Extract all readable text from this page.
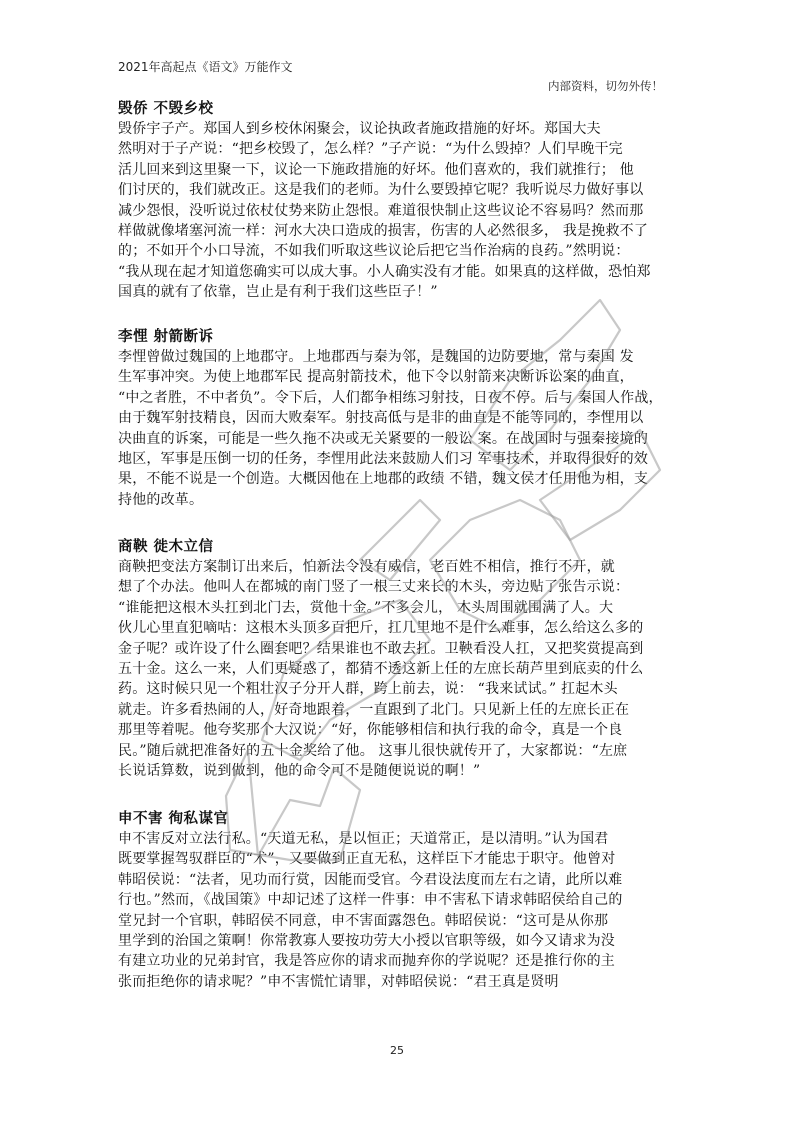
2021年高起点《语文》万能作文
内部资料，切勿外传！
毁侨 不毁乡校
毁侨宇子产。郑国人到乡校休闲聚会，议论执政者施政措施的好坏。郑国大夫
然明对于子产说：“把乡校毁了，怎么样？”子产说：“为什么毁掉？人们早晚干完
活儿回来到这里聚一下，议论一下施政措施的好坏。他们喜欢的，我们就推行； 他
们讨厌的，我们就改正。这是我们的老师。为什么要毁掉它呢？我听说尽力做好事以
减少怨恨，没听说过依杖仗势来防止怨恨。难道很快制止这些议论不容易吗？然而那
样做就像堵塞河流一样：河水大决口造成的损害，伤害的人必然很多， 我是挽救不了
的；不如开个小口导流，不如我们听取这些议论后把它当作治病的良药。”然明说：
“我从现在起才知道您确实可以成大事。小人确实没有才能。如果真的这样做，恐怕郑
国真的就有了依靠，岂止是有利于我们这些臣子！”
李悝 射箭断诉
李悝曾做过魏国的上地郡守。上地郡西与秦为邻，是魏国的边防要地，常与秦国 发
生军事冲突。为使上地郡军民 提高射箭技术，他下令以射箭来决断诉讼案的曲直，
“中之者胜，不中者负”。令下后，人们都争相练习射技，日夜不停。后与 秦国人作战，
由于魏军射技精良，因而大败秦军。射技高低与是非的曲直是不能等同的，李悝用以
决曲直的诉案，可能是一些久拖不决或无关紧要的一般讼 案。在战国时与强秦接境的
地区，军事是压倒一切的任务，李悝用此法来鼓励人们习 军事技术，并取得很好的效
果，不能不说是一个创造。大概因他在上地郡的政绩 不错，魏文侯才任用他为相，支
持他的改革。
商鞅 徙木立信
商鞅把变法方案制订出来后，怕新法令没有威信，老百姓不相信，推行不开，就
想了个办法。他叫人在都城的南门竖了一根三丈来长的木头，旁边贴了张告示说：
“谁能把这根木头扛到北门去，赏他十金。”不多会儿， 木头周围就围满了人。大
伙儿心里直犯嘀咕：这根木头顶多百把斤，扛几里地不是什么难事，怎么给这么多的
金子呢？或许设了什么圈套吧？结果谁也不敢去扛。卫鞅看没人扛，又把奖赏提高到
五十金。这么一来，人们更疑惑了，都猜不透这新上任的左庶长葫芦里到底卖的什么
药。这时候只见一个粗壮汉子分开人群，跨上前去，说： “我来试试。” 扛起木头
就走。许多看热闹的人，好奇地跟着，一直跟到了北门。只见新上任的左庶长正在
那里等着呢。他夸奖那个大汉说：“好，你能够相信和执行我的命令，真是一个良
民。”随后就把准备好的五十金奖给了他。 这事儿很快就传开了，大家都说：“左庶
长说话算数，说到做到，他的命令可不是随便说说的啊！”
申不害 徇私谋官
申不害反对立法行私。“天道无私，是以恒正；天道常正，是以清明。”认为国君
既要掌握驾驭群臣的“术”，又要做到正直无私，这样臣下才能忠于职守。他曾对
韩昭侯说：“法者，见功而行赏，因能而受官。今君设法度而左右之请，此所以难
行也。”然而，《战国策》中却记述了这样一件事：申不害私下请求韩昭侯给自己的
堂兄封一个官职，韩昭侯不同意，申不害面露怨色。韩昭侯说：“这可是从你那
里学到的治国之策啊！你常教寡人要按功劳大小授以官职等级，如今又请求为没
有建立功业的兄弟封官，我是答应你的请求而抛弃你的学说呢？还是推行你的主
张而拒绝你的请求呢？”申不害慌忙请罪，对韩昭侯说：“君王真是贤明
25
